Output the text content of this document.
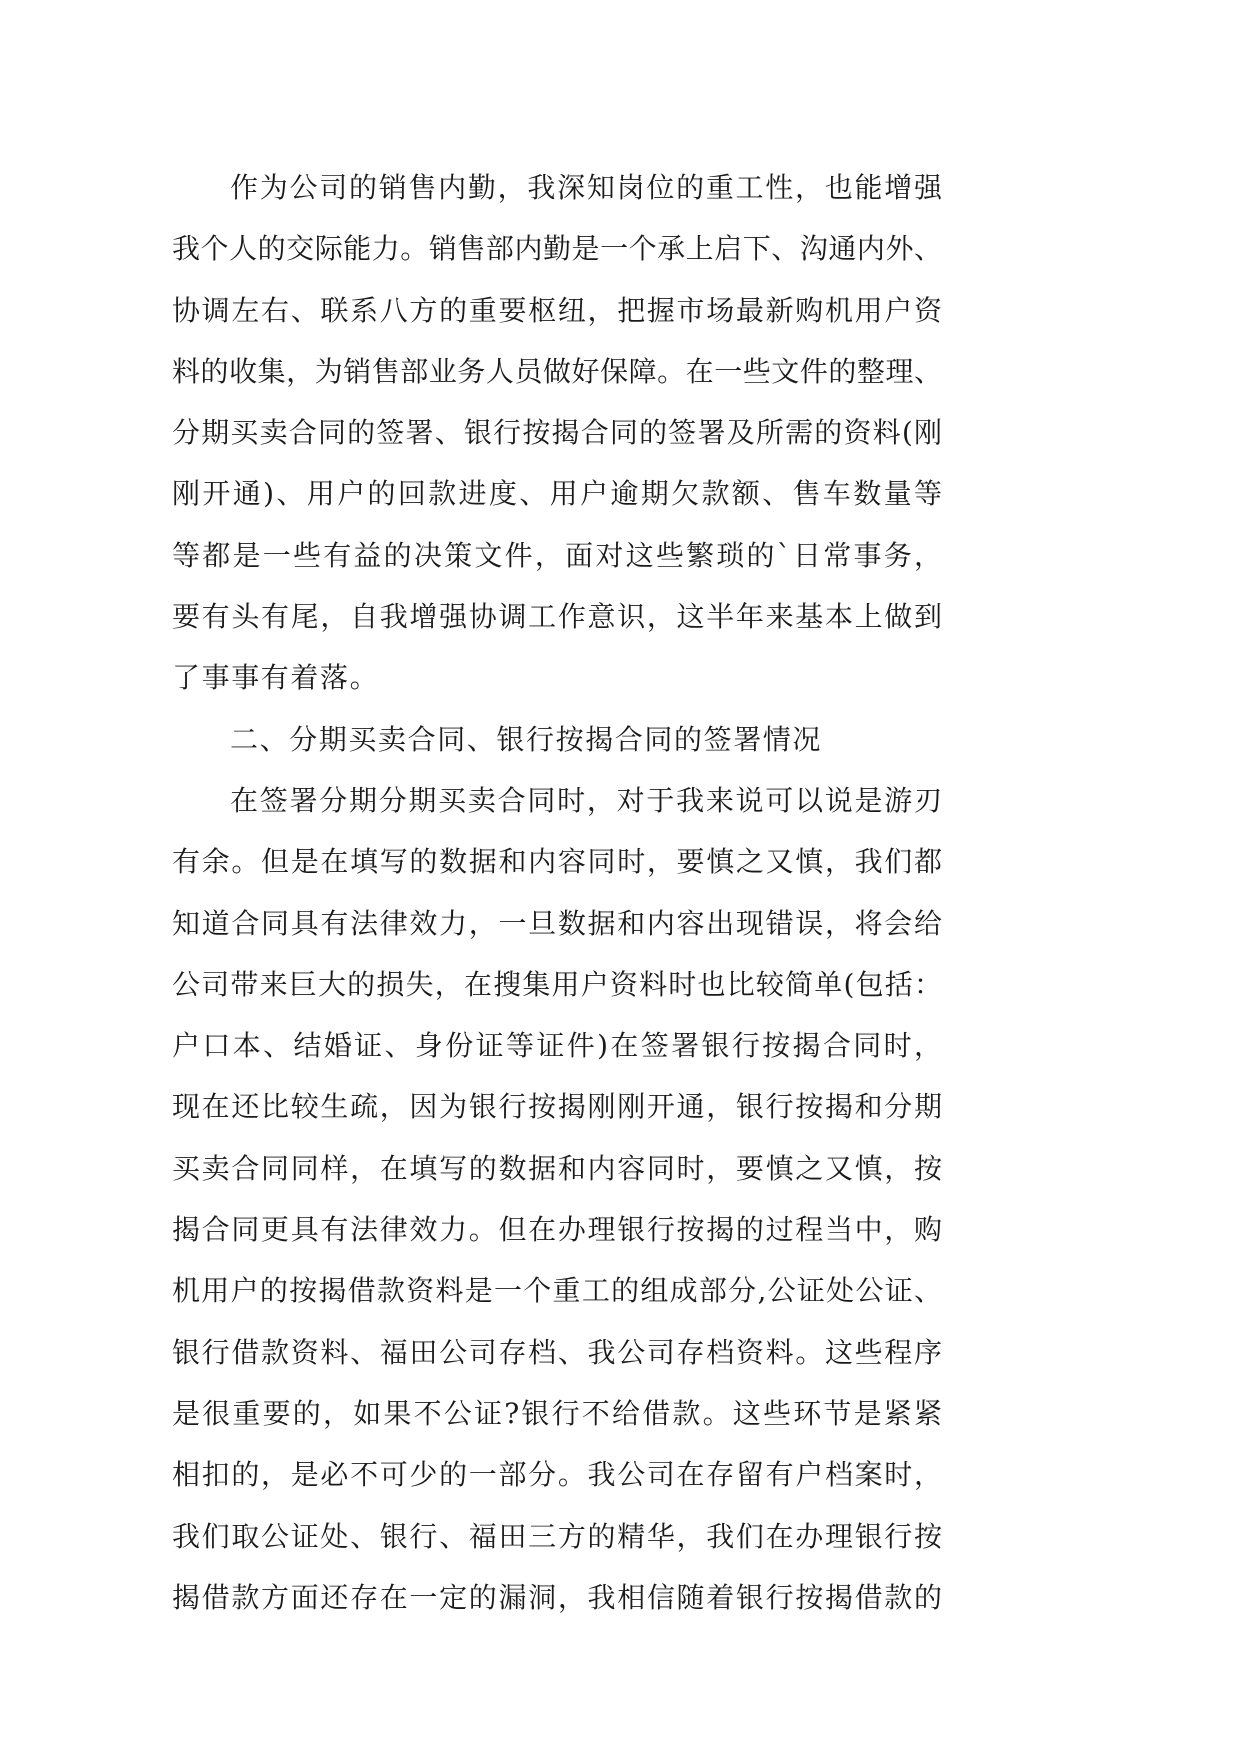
作为公司的销售内勤，我深知岗位的重工性，也能增强
我个人的交际能力。销售部内勤是一个承上启下、沟通内外、
协调左右、联系八方的重要枢纽，把握市场最新购机用户资
料的收集，为销售部业务人员做好保障。在一些文件的整理、
分期买卖合同的签署、银行按揭合同的签署及所需的资料(刚
刚开通)、用户的回款进度、用户逾期欠款额、售车数量等
等都是一些有益的决策文件，面对这些繁琐的`日常事务，
要有头有尾，自我增强协调工作意识，这半年来基本上做到
了事事有着落。
二、分期买卖合同、银行按揭合同的签署情况
在签署分期分期买卖合同时，对于我来说可以说是游刃
有余。但是在填写的数据和内容同时，要慎之又慎，我们都
知道合同具有法律效力，一旦数据和内容出现错误，将会给
公司带来巨大的损失，在搜集用户资料时也比较简单(包括：
户口本、结婚证、身份证等证件)在签署银行按揭合同时，
现在还比较生疏，因为银行按揭刚刚开通，银行按揭和分期
买卖合同同样，在填写的数据和内容同时，要慎之又慎，按
揭合同更具有法律效力。但在办理银行按揭的过程当中，购
机用户的按揭借款资料是一个重工的组成部分,公证处公证、
银行借款资料、福田公司存档、我公司存档资料。这些程序
是很重要的，如果不公证?银行不给借款。这些环节是紧紧
相扣的，是必不可少的一部分。我公司在存留有户档案时，
我们取公证处、银行、福田三方的精华，我们在办理银行按
揭借款方面还存在一定的漏洞，我相信随着银行按揭借款的
